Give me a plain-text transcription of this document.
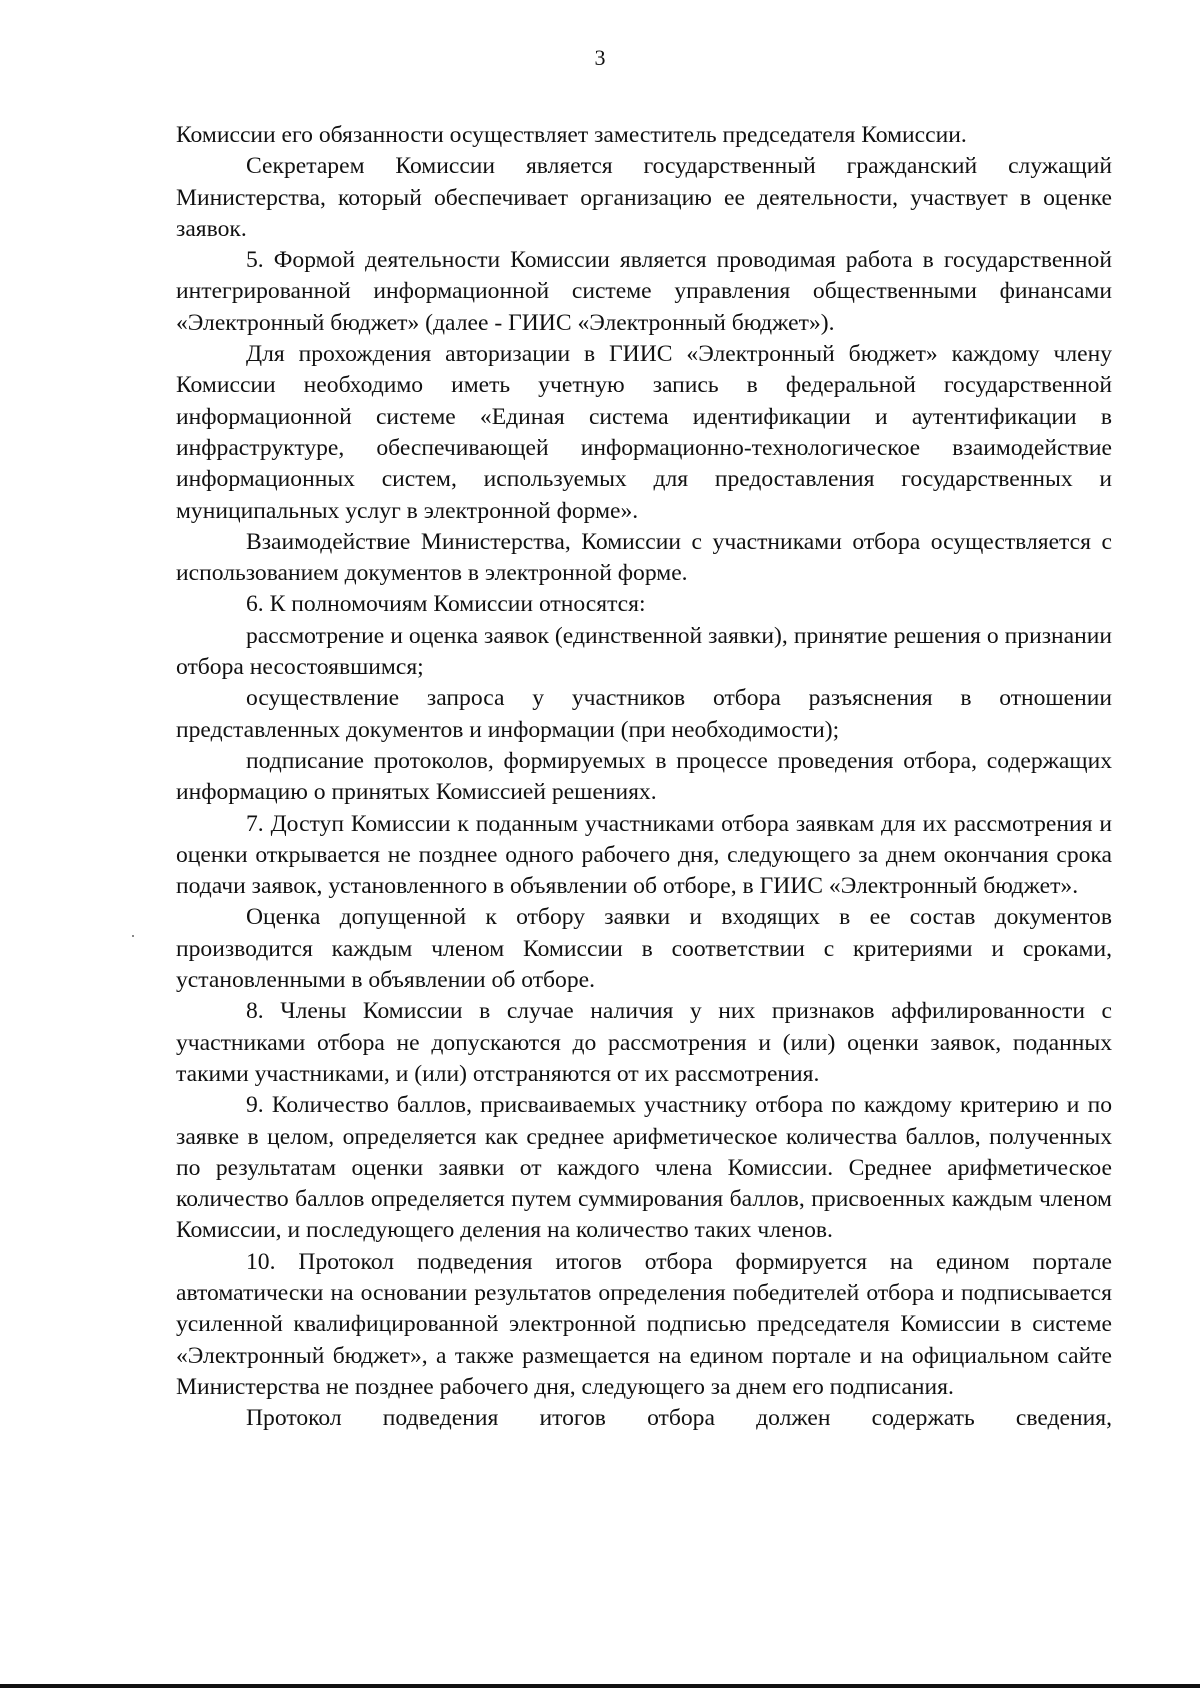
3

Комиссии его обязанности осуществляет заместитель председателя Комиссии.

Секретарем Комиссии является государственный гражданский служащий Министерства, который обеспечивает организацию ее деятельности, участвует в оценке заявок.

5. Формой деятельности Комиссии является проводимая работа в государственной интегрированной информационной системе управления общественными финансами «Электронный бюджет» (далее - ГИИС «Электронный бюджет»).

Для прохождения авторизации в ГИИС «Электронный бюджет» каждому члену Комиссии необходимо иметь учетную запись в федеральной государственной информационной системе «Единая система идентификации и аутентификации в инфраструктуре, обеспечивающей информационно-технологическое взаимодействие информационных систем, используемых для предоставления государственных и муниципальных услуг в электронной форме».

Взаимодействие Министерства, Комиссии с участниками отбора осуществляется с использованием документов в электронной форме.

6. К полномочиям Комиссии относятся:

рассмотрение и оценка заявок (единственной заявки), принятие решения о признании отбора несостоявшимся;

осуществление запроса у участников отбора разъяснения в отношении представленных документов и информации (при необходимости);

подписание протоколов, формируемых в процессе проведения отбора, содержащих информацию о принятых Комиссией решениях.

7. Доступ Комиссии к поданным участниками отбора заявкам для их рассмотрения и оценки открывается не позднее одного рабочего дня, следующего за днем окончания срока подачи заявок, установленного в объявлении об отборе, в ГИИС «Электронный бюджет».

Оценка допущенной к отбору заявки и входящих в ее состав документов производится каждым членом Комиссии в соответствии с критериями и сроками, установленными в объявлении об отборе.

8. Члены Комиссии в случае наличия у них признаков аффилированности с участниками отбора не допускаются до рассмотрения и (или) оценки заявок, поданных такими участниками, и (или) отстраняются от их рассмотрения.

9. Количество баллов, присваиваемых участнику отбора по каждому критерию и по заявке в целом, определяется как среднее арифметическое количества баллов, полученных по результатам оценки заявки от каждого члена Комиссии. Среднее арифметическое количество баллов определяется путем суммирования баллов, присвоенных каждым членом Комиссии, и последующего деления на количество таких членов.

10. Протокол подведения итогов отбора формируется на едином портале автоматически на основании результатов определения победителей отбора и подписывается усиленной квалифицированной электронной подписью председателя Комиссии в системе «Электронный бюджет», а также размещается на едином портале и на официальном сайте Министерства не позднее рабочего дня, следующего за днем его подписания.

Протокол подведения итогов отбора должен содержать сведения,
